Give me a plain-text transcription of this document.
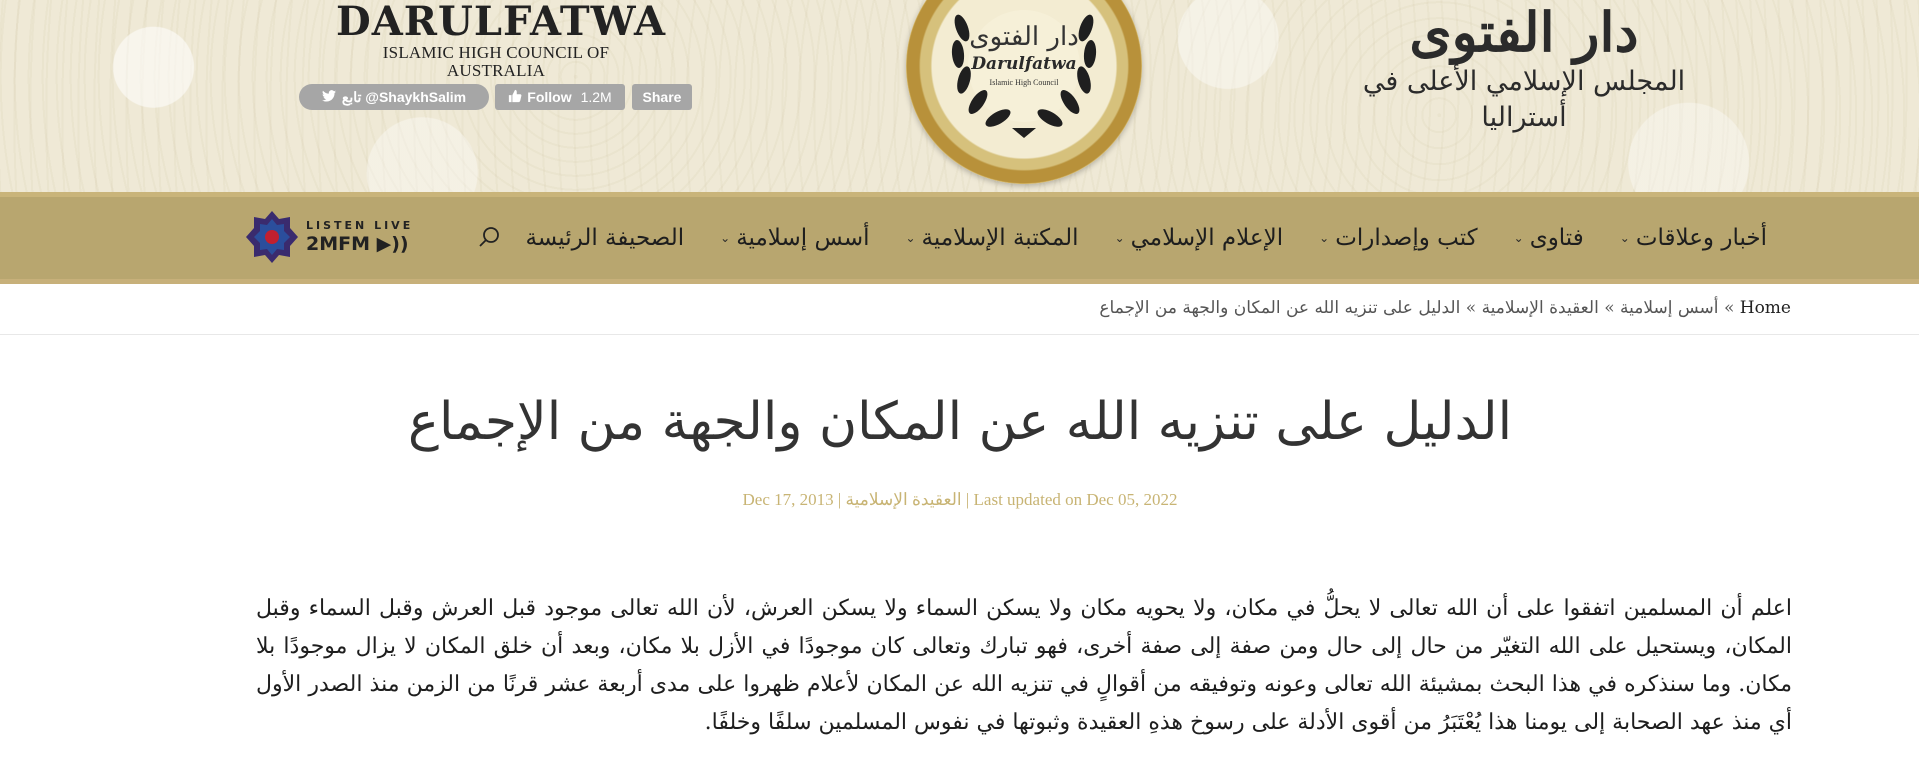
DARULFATWA
ISLAMIC HIGH COUNCIL OF AUSTRALIA
تابع @ShaykhSalim	Follow 1.2M Share
دار الفتوى
Darulfatwa
Islamic High Council
دار الفتوى
المجلس الإسلامي الأعلى في أستراليا
الصحيفة الرئيسة أسس إسلامية
⌄	المكتبة الإسلامية
⌄	الإعلام الإسلامي
⌄	كتب وإصدارات
⌄	فتاوى
⌄	أخبار وعلاقات
⌄
LISTEN LIVE
2MFM ▶︎))
Home » أسس إسلامية » العقيدة الإسلامية » الدليل على تنزيه الله عن المكان والجهة من الإجماع
الدليل على تنزيه الله عن المكان والجهة من الإجماع
Dec 17, 2013 | العقيدة الإسلامية | Last updated on Dec 05, 2022
اعلم أن المسلمين اتفقوا على أن الله تعالى لا يحلُّ في مكان، ولا يحويه مكان ولا يسكن السماء ولا يسكن العرش، لأن الله تعالى موجود قبل العرش وقبل السماء وقبل المكان، ويستحيل على الله التغيّر من حال إلى حال ومن صفة إلى صفة أخرى، فهو تبارك وتعالى كان موجودًا في الأزل بلا مكان، وبعد أن خلق المكان لا يزال موجودًا بلا مكان. وما سنذكره في هذا البحث بمشيئة الله تعالى وعونه وتوفيقه من أقوالٍ في تنزيه الله عن المكان لأعلام ظهروا على مدى أربعة عشر قرنًا من الزمن منذ الصدر الأول أي منذ عهد الصحابة إلى يومنا هذا يُعْتَبَرُ من أقوى الأدلة على رسوخ هذهِ العقيدة وثبوتها في نفوس المسلمين سلفًا وخلفًا.
